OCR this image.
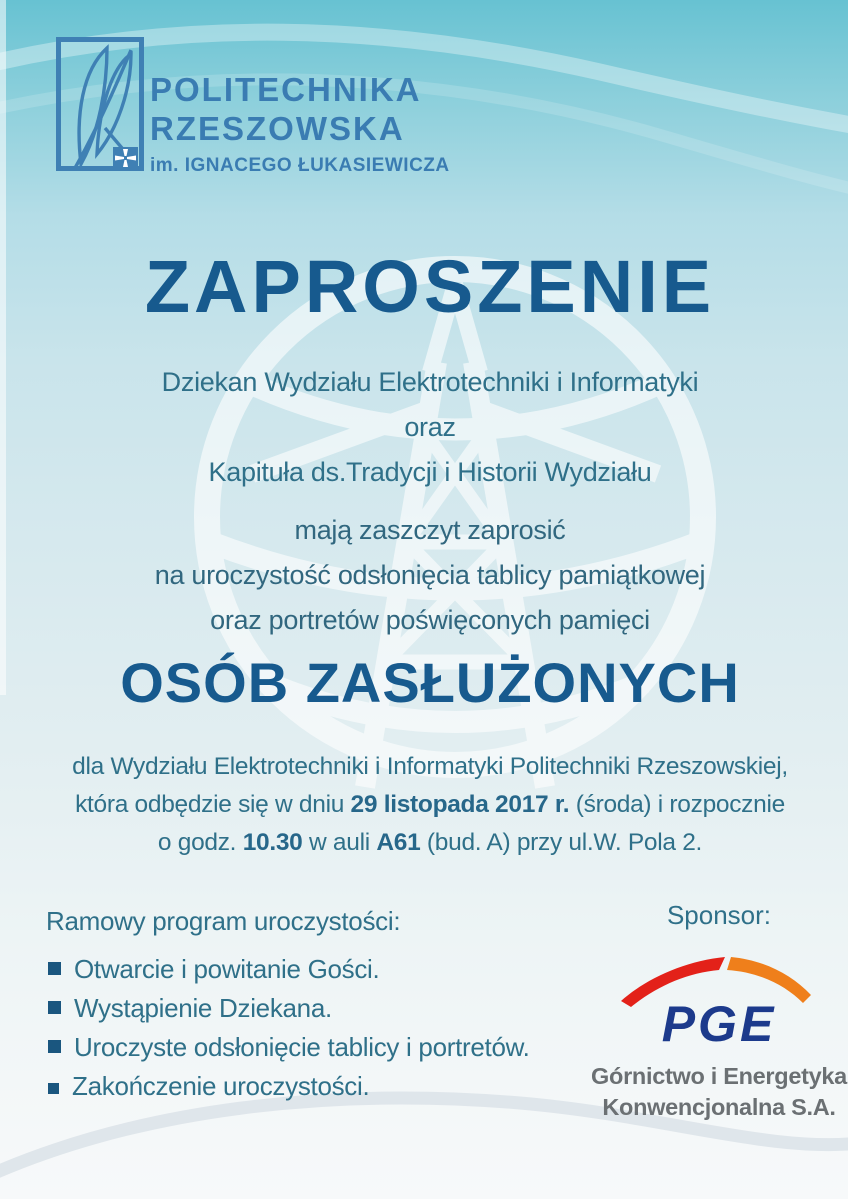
POLITECHNIKA
RZESZOWSKA
im. IGNACEGO ŁUKASIEWICZA
ZAPROSZENIE
Dziekan Wydziału Elektrotechniki i Informatyki
oraz
Kapituła ds.Tradycji i Historii Wydziału
mają zaszczyt zaprosić
na uroczystość odsłonięcia tablicy pamiątkowej
oraz portretów poświęconych pamięci
OSÓB ZASŁUŻONYCH
dla Wydziału Elektrotechniki i Informatyki Politechniki Rzeszowskiej,
która odbędzie się w dniu 29 listopada 2017 r. (środa) i rozpocznie
o godz. 10.30 w auli A61 (bud. A) przy ul.W. Pola 2.
Ramowy program uroczystości:
Otwarcie i powitanie Gości.
Wystąpienie Dziekana.
Uroczyste odsłonięcie tablicy i portretów.
Zakończenie uroczystości.
Sponsor:
PGE
Górnictwo i Energetyka
Konwencjonalna S.A.
